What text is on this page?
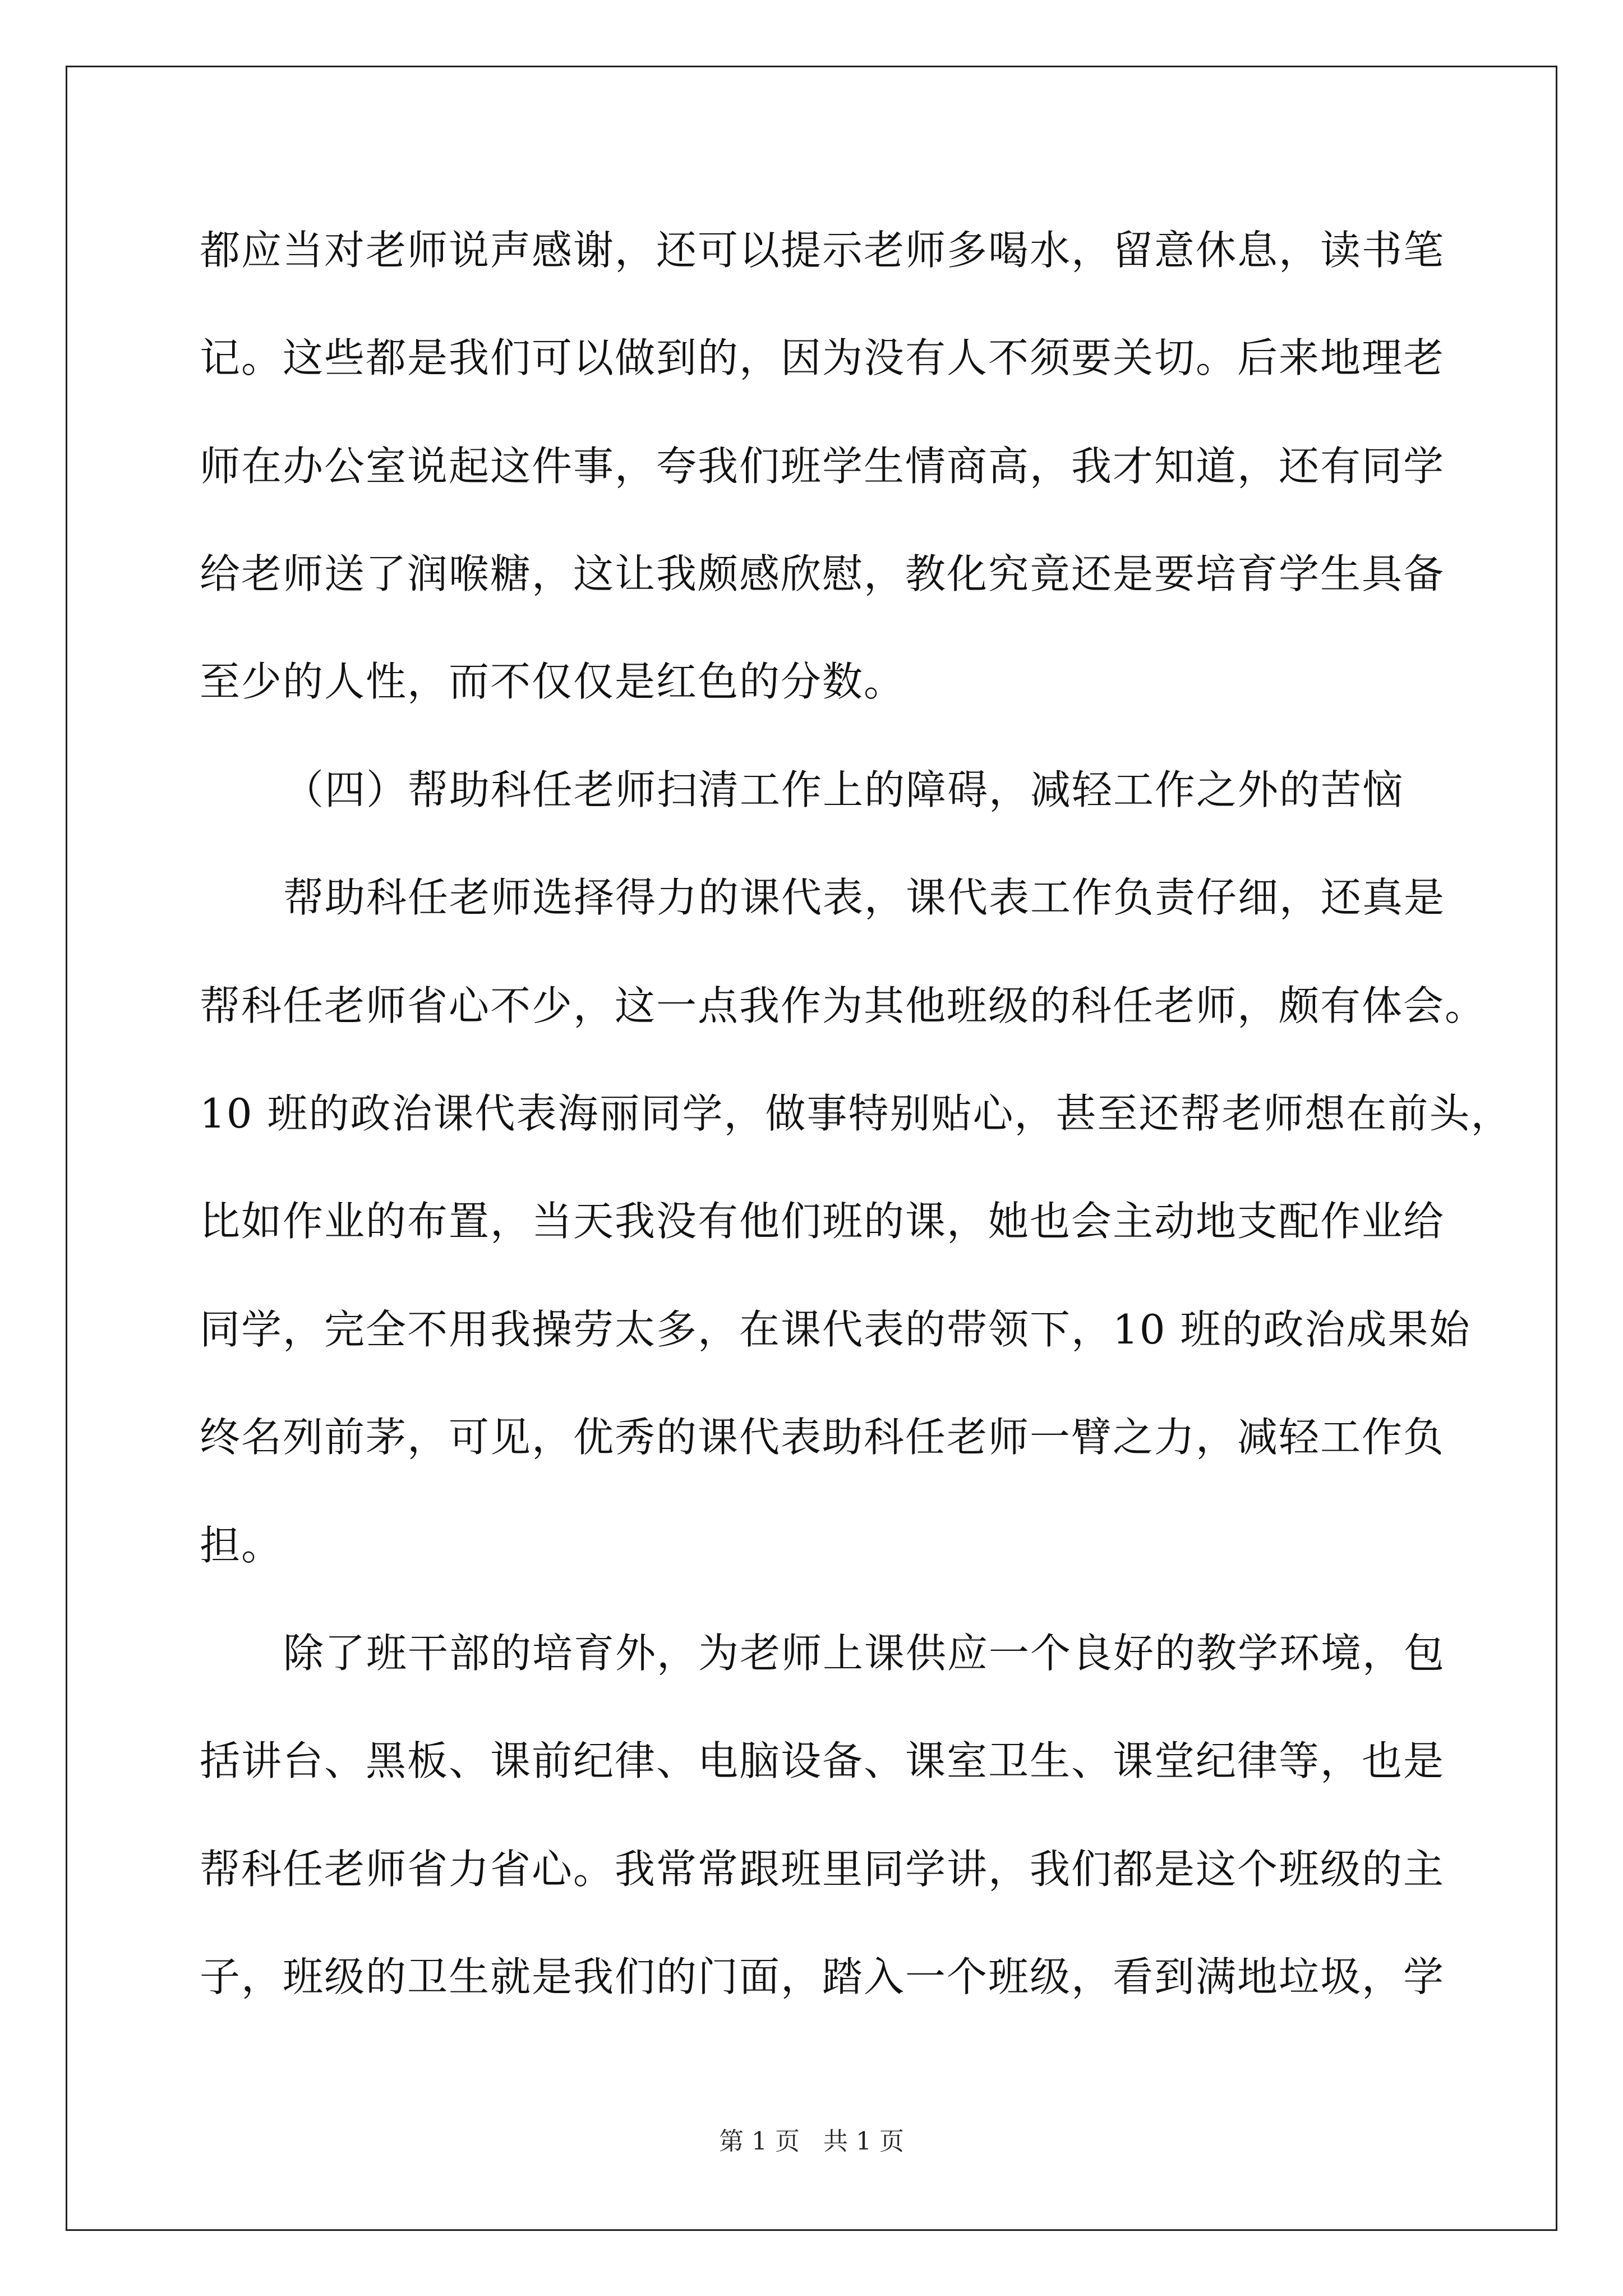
都应当对老师说声感谢，还可以提示老师多喝水，留意休息，读书笔
记。这些都是我们可以做到的，因为没有人不须要关切。后来地理老
师在办公室说起这件事，夸我们班学生情商高，我才知道，还有同学
给老师送了润喉糖，这让我颇感欣慰，教化究竟还是要培育学生具备
至少的人性，而不仅仅是红色的分数。
（四）帮助科任老师扫清工作上的障碍，减轻工作之外的苦恼
帮助科任老师选择得力的课代表，课代表工作负责仔细，还真是
帮科任老师省心不少，这一点我作为其他班级的科任老师，颇有体会。
10 班的政治课代表海丽同学，做事特别贴心，甚至还帮老师想在前头，
比如作业的布置，当天我没有他们班的课，她也会主动地支配作业给
同学，完全不用我操劳太多，在课代表的带领下，10 班的政治成果始
终名列前茅，可见，优秀的课代表助科任老师一臂之力，减轻工作负
担。
除了班干部的培育外，为老师上课供应一个良好的教学环境，包
括讲台、黑板、课前纪律、电脑设备、课室卫生、课堂纪律等，也是
帮科任老师省力省心。我常常跟班里同学讲，我们都是这个班级的主
子，班级的卫生就是我们的门面，踏入一个班级，看到满地垃圾，学
第 1 页 共 1 页
